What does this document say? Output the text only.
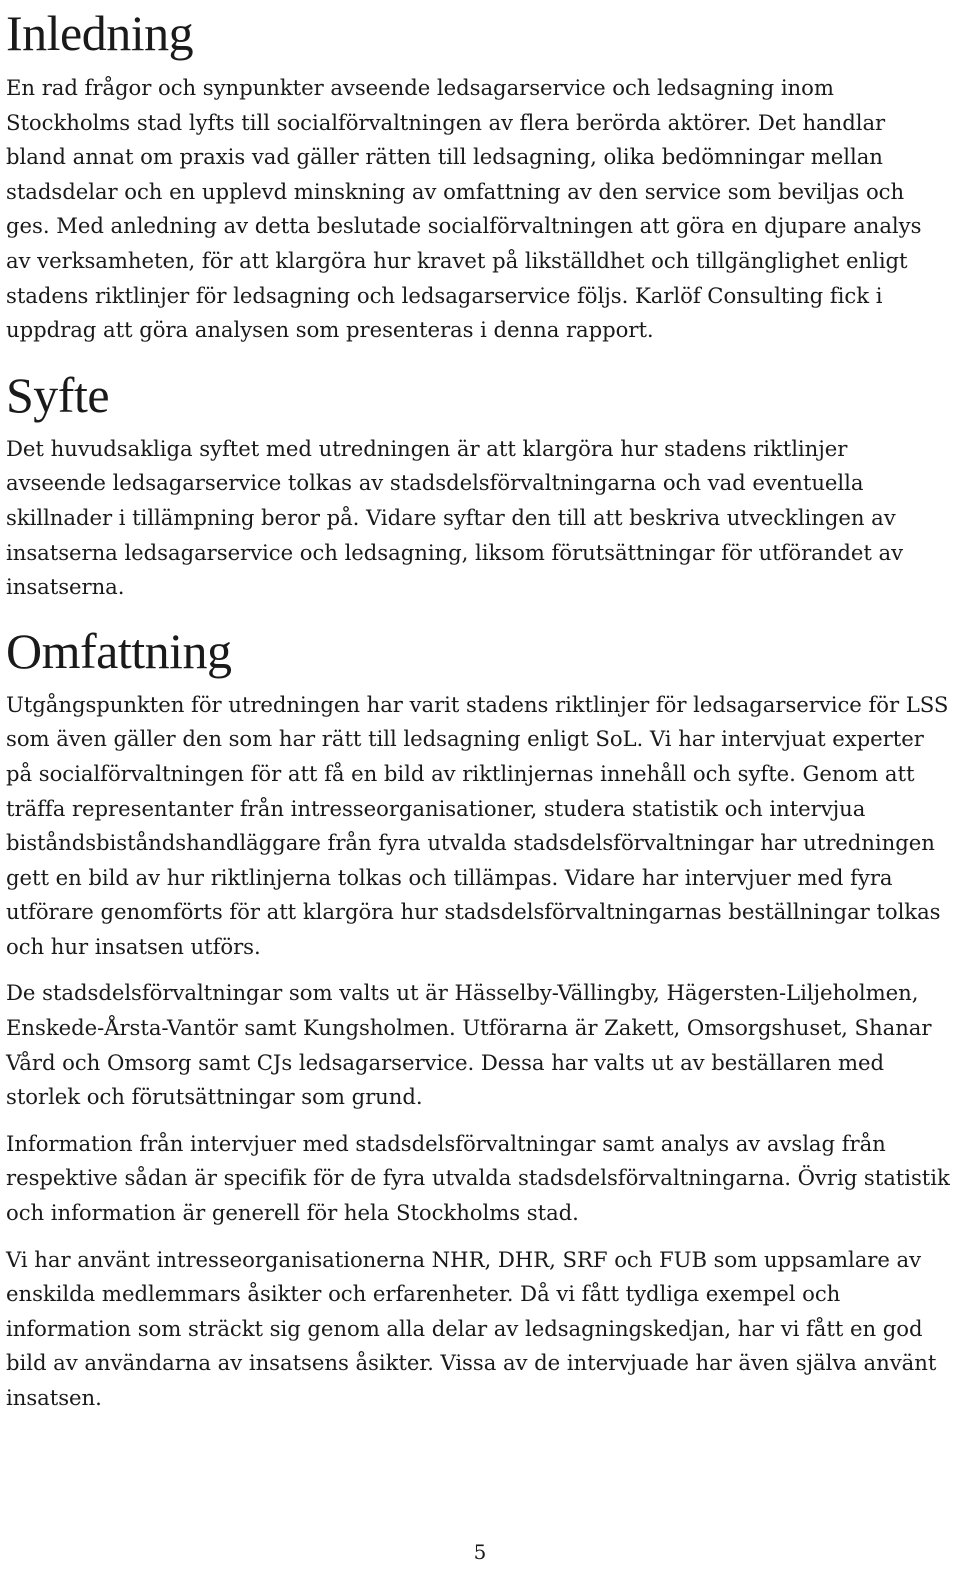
Inledning

En rad frågor och synpunkter avseende ledsagarservice och ledsagning inom Stockholms stad lyfts till socialförvaltningen av flera berörda aktörer. Det handlar bland annat om praxis vad gäller rätten till ledsagning, olika bedömningar mellan stadsdelar och en upplevd minskning av omfattning av den service som beviljas och ges. Med anledning av detta beslutade socialförvaltningen att göra en djupare analys av verksamheten, för att klargöra hur kravet på likställdhet och tillgänglighet enligt stadens riktlinjer för ledsagning och ledsagarservice följs. Karlöf Consulting fick i uppdrag att göra analysen som presenteras i denna rapport.

Syfte

Det huvudsakliga syftet med utredningen är att klargöra hur stadens riktlinjer avseende ledsagarservice tolkas av stadsdelsförvaltningarna och vad eventuella skillnader i tillämpning beror på. Vidare syftar den till att beskriva utvecklingen av insatserna ledsagarservice och ledsagning, liksom förutsättningar för utförandet av insatserna.

Omfattning

Utgångspunkten för utredningen har varit stadens riktlinjer för ledsagarservice för LSS som även gäller den som har rätt till ledsagning enligt SoL. Vi har intervjuat experter på socialförvaltningen för att få en bild av riktlinjernas innehåll och syfte. Genom att träffa representanter från intresseorganisationer, studera statistik och intervjua biståndsbiståndshandläggare från fyra utvalda stadsdelsförvaltningar har utredningen gett en bild av hur riktlinjerna tolkas och tillämpas. Vidare har intervjuer med fyra utförare genomförts för att klargöra hur stadsdelsförvaltningarnas beställningar tolkas och hur insatsen utförs.

De stadsdelsförvaltningar som valts ut är Hässelby-Vällingby, Hägersten-Liljeholmen, Enskede-Årsta-Vantör samt Kungsholmen. Utförarna är Zakett, Omsorgshuset, Shanar Vård och Omsorg samt CJs ledsagarservice. Dessa har valts ut av beställaren med storlek och förutsättningar som grund.

Information från intervjuer med stadsdelsförvaltningar samt analys av avslag från respektive sådan är specifik för de fyra utvalda stadsdelsförvaltningarna. Övrig statistik och information är generell för hela Stockholms stad.

Vi har använt intresseorganisationerna NHR, DHR, SRF och FUB som uppsamlare av enskilda medlemmars åsikter och erfarenheter. Då vi fått tydliga exempel och information som sträckt sig genom alla delar av ledsagningskedjan, har vi fått en god bild av användarna av insatsens åsikter. Vissa av de intervjuade har även själva använt insatsen.

5
